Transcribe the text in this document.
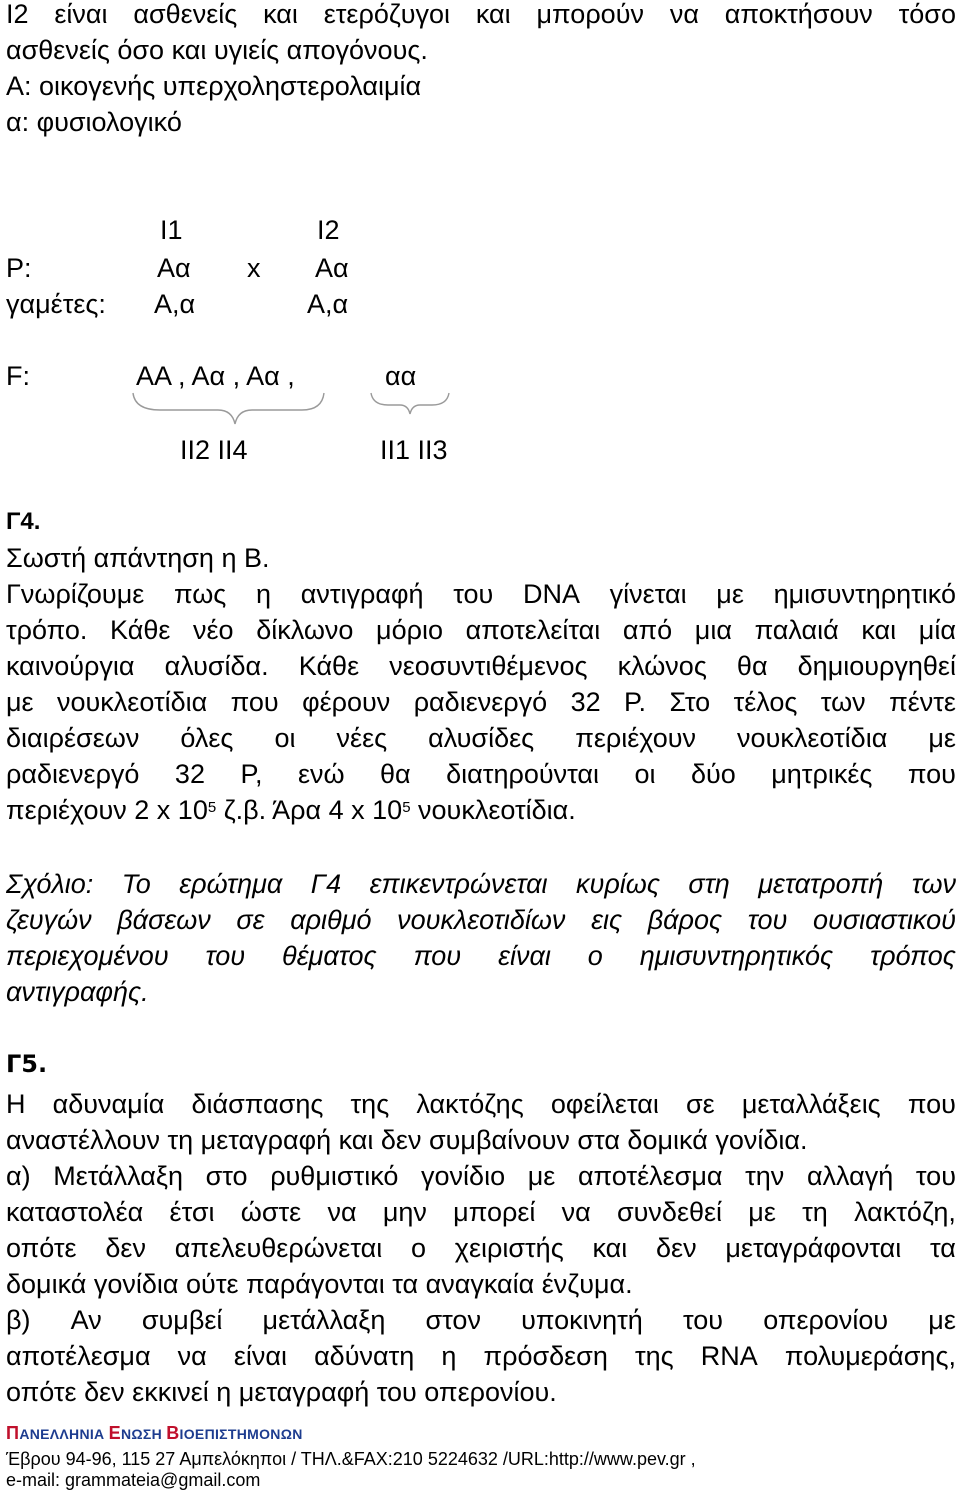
I2 είναι ασθενείς και ετερόζυγοι και μπορούν να αποκτήσουν τόσο
ασθενείς όσο και υγιείς απογόνους.
Α: οικογενής υπερχοληστερολαιμία
α: φυσιολογικό
I1	I2
P:	Αα x Αα
γαμέτες: Α,α	Α,α
F:	ΑΑ , Αα , Αα ,	αα
II2 II4	II1 II3
Γ4.
Σωστή απάντηση η Β.
Γνωρίζουμε πως η αντιγραφή του DNA γίνεται με ημισυντηρητικό
τρόπο. Κάθε νέο δίκλωνο μόριο αποτελείται από μια παλαιά και μία
καινούργια αλυσίδα. Κάθε νεοσυντιθέμενος κλώνος θα δημιουργηθεί
με νουκλεοτίδια που φέρουν ραδιενεργό 32 P. Στο τέλος των πέντε
διαιρέσεων όλες οι νέες αλυσίδες περιέχουν νουκλεοτίδια με
ραδιενεργό 32 P, ενώ θα διατηρούνται οι δύο μητρικές που
περιέχουν 2 x $10^5$ ζ.β. Άρα 4 x $10^5$ νουκλεοτίδια.
Σχόλιο: Το ερώτημα Γ4 επικεντρώνεται κυρίως στη μετατροπή των
ζευγών βάσεων σε αριθμό νουκλεοτιδίων εις βάρος του ουσιαστικού
περιεχομένου του θέματος που είναι ο ημισυντηρητικός τρόπος
αντιγραφής.
Γ5.
Η αδυναμία διάσπασης της λακτόζης οφείλεται σε μεταλλάξεις που
αναστέλλουν τη μεταγραφή και δεν συμβαίνουν στα δομικά γονίδια.
α) Μετάλλαξη στο ρυθμιστικό γονίδιο με αποτέλεσμα την αλλαγή του
καταστολέα έτσι ώστε να μην μπορεί να συνδεθεί με τη λακτόζη,
οπότε δεν απελευθερώνεται ο χειριστής και δεν μεταγράφονται τα
δομικά γονίδια ούτε παράγονται τα αναγκαία ένζυμα.
β) Αν συμβεί μετάλλαξη στον υποκινητή του οπερονίου με
αποτέλεσμα να είναι αδύνατη η πρόσδεση της RNA πολυμεράσης,
οπότε δεν εκκινεί η μεταγραφή του οπερονίου.
ΠΑΝΕΛΛΗΝΙΑ ΕΝΩΣΗ ΒΙΟΕΠΙΣΤΗΜΟΝΩΝ
Έβρου 94-96, 115 27 Αμπελόκηποι / ΤΗΛ.&FAX:210 5224632 /URL:http://www.pev.gr ,
e-mail: grammateia@gmail.com
